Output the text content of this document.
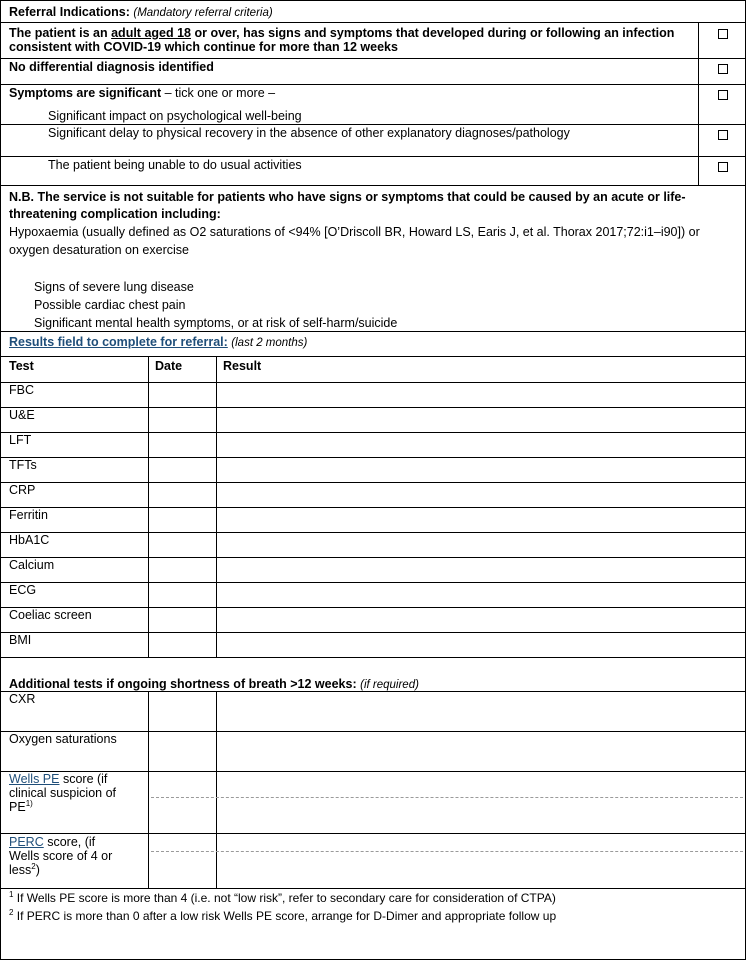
Referral Indications: (Mandatory referral criteria)
The patient is an adult aged 18 or over, has signs and symptoms that developed during or following an infection consistent with COVID-19 which continue for more than 12 weeks
No differential diagnosis identified
Symptoms are significant – tick one or more –
Significant impact on psychological well-being
Significant delay to physical recovery in the absence of other explanatory diagnoses/pathology
The patient being unable to do usual activities
N.B. The service is not suitable for patients who have signs or symptoms that could be caused by an acute or life-threatening complication including:
Hypoxaemia (usually defined as O2 saturations of <94% [O’Driscoll BR, Howard LS, Earis J, et al. Thorax 2017;72:i1–i90]) or oxygen desaturation on exercise
Signs of severe lung disease
Possible cardiac chest pain
Significant mental health symptoms, or at risk of self-harm/suicide
Results field to complete for referral: (last 2 months)
Test	Date	Result
FBC
U&E
LFT
TFTs
CRP
Ferritin
HbA1C
Calcium
ECG
Coeliac screen
BMI
Additional tests if ongoing shortness of breath >12 weeks: (if required)
CXR
Oxygen saturations
Wells PE score (if
clinical suspicion of
PE$^{1)}$
PERC score, (if
Wells score of 4 or
less$^2$)
$^1$ If Wells PE score is more than 4 (i.e. not “low risk”, refer to secondary care for consideration of CTPA)
$^2$ If PERC is more than 0 after a low risk Wells PE score, arrange for D-Dimer and appropriate follow up
